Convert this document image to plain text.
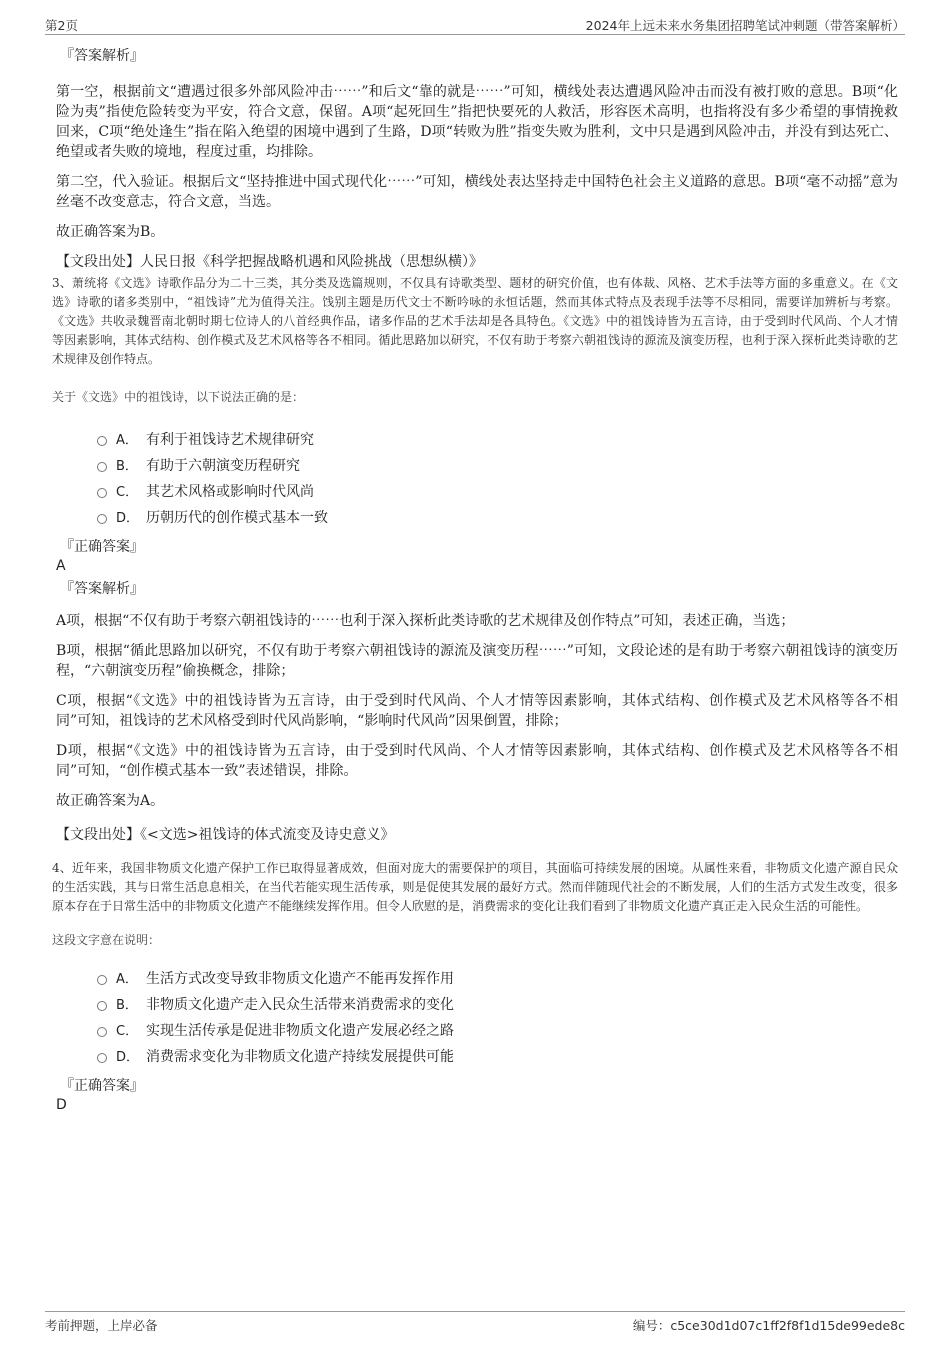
第2页	2024年上远未来水务集团招聘笔试冲刺题（带答案解析）

『答案解析』

第一空，根据前文“遭遇过很多外部风险冲击⋯⋯”和后文“靠的就是⋯⋯”可知，横线处表达遭遇风险冲击而没有被打败的意思。B项“化险为夷”指使危险转变为平安，符合文意，保留。A项“起死回生”指把快要死的人救活，形容医术高明，也指将没有多少希望的事情挽救回来，C项“绝处逢生”指在陷入绝望的困境中遇到了生路，D项“转败为胜”指变失败为胜利，文中只是遇到风险冲击，并没有到达死亡、绝望或者失败的境地，程度过重，均排除。

第二空，代入验证。根据后文“坚持推进中国式现代化⋯⋯”可知，横线处表达坚持走中国特色社会主义道路的意思。B项“毫不动摇”意为丝毫不改变意志，符合文意，当选。

故正确答案为B。

【文段出处】人民日报《科学把握战略机遇和风险挑战（思想纵横）》

3、萧统将《文选》诗歌作品分为二十三类，其分类及选篇规则，不仅具有诗歌类型、题材的研究价值，也有体裁、风格、艺术手法等方面的多重意义。在《文选》诗歌的诸多类别中，“祖饯诗”尤为值得关注。饯别主题是历代文士不断吟咏的永恒话题，然而其体式特点及表现手法等不尽相同，需要详加辨析与考察。《文选》共收录魏晋南北朝时期七位诗人的八首经典作品，诸多作品的艺术手法却是各具特色。《文选》中的祖饯诗皆为五言诗，由于受到时代风尚、个人才情等因素影响，其体式结构、创作模式及艺术风格等各不相同。循此思路加以研究，不仅有助于考察六朝祖饯诗的源流及演变历程，也利于深入探析此类诗歌的艺术规律及创作特点。

关于《文选》中的祖饯诗，以下说法正确的是：

A． 有利于祖饯诗艺术规律研究
B． 有助于六朝演变历程研究
C． 其艺术风格或影响时代风尚
D． 历朝历代的创作模式基本一致

『正确答案』

A

『答案解析』

A项，根据“不仅有助于考察六朝祖饯诗的⋯⋯也利于深入探析此类诗歌的艺术规律及创作特点”可知，表述正确，当选；

B项，根据“循此思路加以研究，不仅有助于考察六朝祖饯诗的源流及演变历程⋯⋯”可知，文段论述的是有助于考察六朝祖饯诗的演变历程，“六朝演变历程”偷换概念，排除；

C项，根据“《文选》中的祖饯诗皆为五言诗，由于受到时代风尚、个人才情等因素影响，其体式结构、创作模式及艺术风格等各不相同”可知，祖饯诗的艺术风格受到时代风尚影响，“影响时代风尚”因果倒置，排除；

D项，根据“《文选》中的祖饯诗皆为五言诗，由于受到时代风尚、个人才情等因素影响，其体式结构、创作模式及艺术风格等各不相同”可知，“创作模式基本一致”表述错误，排除。

故正确答案为A。

【文段出处】《<文选>祖饯诗的体式流变及诗史意义》

4、近年来，我国非物质文化遗产保护工作已取得显著成效，但面对庞大的需要保护的项目，其面临可持续发展的困境。从属性来看，非物质文化遗产源自民众的生活实践，其与日常生活息息相关，在当代若能实现生活传承，则是促使其发展的最好方式。然而伴随现代社会的不断发展，人们的生活方式发生改变，很多原本存在于日常生活中的非物质文化遗产不能继续发挥作用。但令人欣慰的是，消费需求的变化让我们看到了非物质文化遗产真正走入民众生活的可能性。

这段文字意在说明：

A． 生活方式改变导致非物质文化遗产不能再发挥作用
B． 非物质文化遗产走入民众生活带来消费需求的变化
C． 实现生活传承是促进非物质文化遗产发展必经之路
D． 消费需求变化为非物质文化遗产持续发展提供可能

『正确答案』

D

考前押题，上岸必备	编号：c5ce30d1d07c1ff2f8f1d15de99ede8c
